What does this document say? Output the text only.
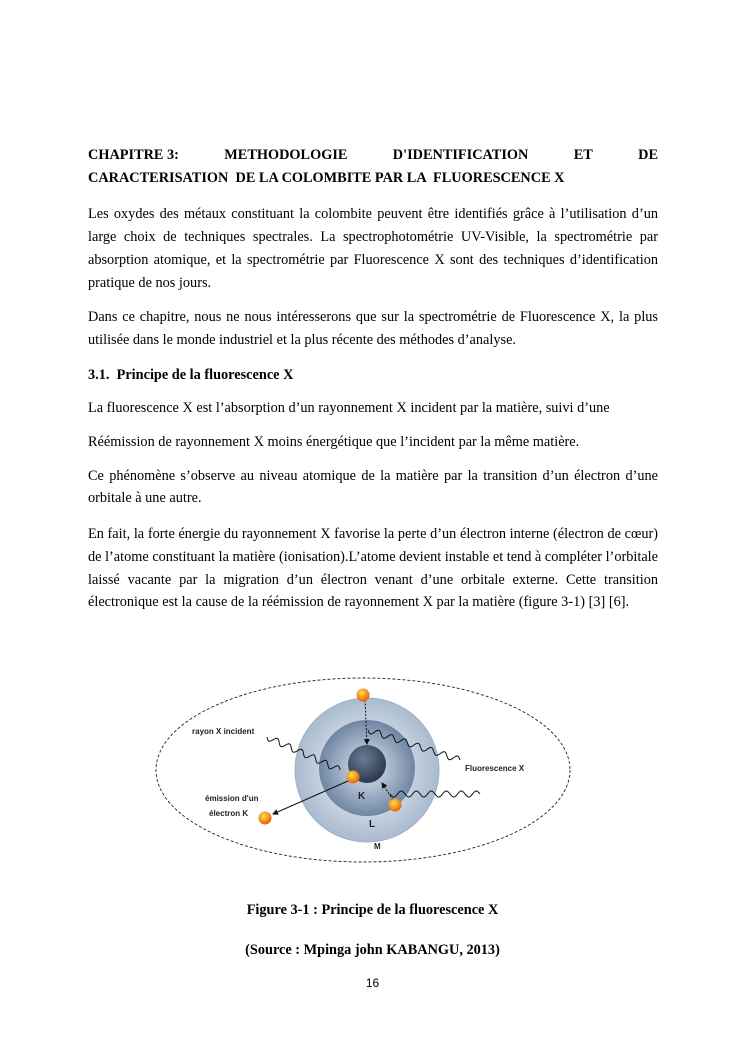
CHAPITRE 3:	METHODOLOGIE	D'IDENTIFICATION	ET	DE
CARACTERISATION  DE LA COLOMBITE PAR LA  FLUORESCENCE X
Les oxydes des métaux constituant la colombite peuvent être identifiés grâce à l’utilisation d’un large choix de techniques spectrales. La spectrophotométrie UV-Visible, la spectrométrie par absorption atomique, et la spectrométrie par Fluorescence X sont des techniques d’identification pratique de nos jours.
Dans ce chapitre, nous ne nous intéresserons que sur la spectrométrie de Fluorescence X, la plus utilisée dans le monde industriel et la plus récente des méthodes d’analyse.
3.1.  Principe de la fluorescence X
La fluorescence X est l’absorption d’un rayonnement X incident par la matière, suivi d’une
Réémission de rayonnement X moins énergétique que l’incident par la même matière.
Ce phénomène s’observe au niveau atomique de la matière par la transition d’un électron d’une orbitale à une autre.
En fait, la forte énergie du rayonnement X favorise la perte d’un électron interne (électron de cœur) de l’atome constituant la matière (ionisation).L’atome devient instable et tend à compléter l’orbitale laissé vacante par la migration d’un électron venant d’une orbitale externe. Cette transition électronique est la cause de la réémission de rayonnement X par la matière (figure 3-1) [3] [6].
rayon X incident
Fluorescence X
émission d'un
électron K
K
L
M
Figure 3-1 : Principe de la fluorescence X
(Source : Mpinga john KABANGU, 2013)
16
